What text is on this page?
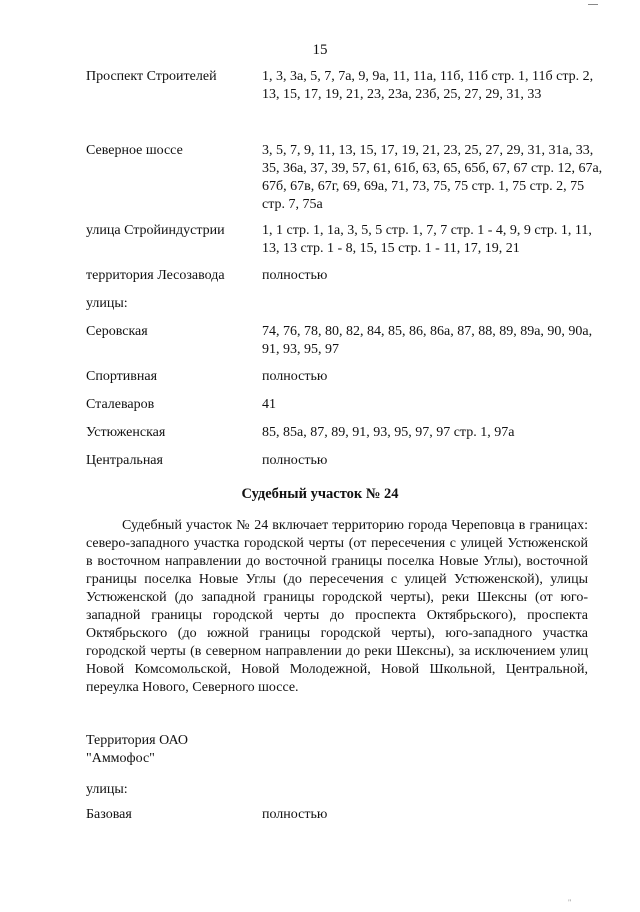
15
Проспект Строителей	1, 3, 3а, 5, 7, 7а, 9, 9а, 11, 11а, 11б, 11б стр. 1, 11б стр. 2, 13, 15, 17, 19, 21, 23, 23а, 23б, 25, 27, 29, 31, 33
Северное шоссе	3, 5, 7, 9, 11, 13, 15, 17, 19, 21, 23, 25, 27, 29, 31, 31а, 33, 35, 36а, 37, 39, 57, 61, 61б, 63, 65, 65б, 67, 67 стр. 12, 67а, 67б, 67в, 67г, 69, 69а, 71, 73, 75, 75 стр. 1, 75 стр. 2, 75 стр. 7, 75а
улица Стройиндустрии	1, 1 стр. 1, 1а, 3, 5, 5 стр. 1, 7, 7 стр. 1 - 4, 9, 9 стр. 1, 11, 13, 13 стр. 1 - 8, 15, 15 стр. 1 - 11, 17, 19, 21
территория Лесозавода	полностью
улицы:
Серовская	74, 76, 78, 80, 82, 84, 85, 86, 86а, 87, 88, 89, 89а, 90, 90а, 91, 93, 95, 97
Спортивная	полностью
Сталеваров	41
Устюженская	85, 85а, 87, 89, 91, 93, 95, 97, 97 стр. 1, 97а
Центральная	полностью
Судебный участок № 24

Судебный участок № 24 включает территорию города Череповца в границах: северо-западного участка городской черты (от пересечения с улицей Устюженской в восточном направлении до восточной границы поселка Новые Углы), восточной границы поселка Новые Углы (до пересечения с улицей Устюженской), улицы Устюженской (до западной границы городской черты), реки Шексны (от юго-западной границы городской черты до проспекта Октябрьского), проспекта Октябрьского (до южной границы городской черты), юго-западного участка городской черты (в северном направлении до реки Шексны), за исключением улиц Новой Комсомольской, Новой Молодежной, Новой Школьной, Центральной, переулка Нового, Северного шоссе.

Территория ОАО
"Аммофос"
улицы:
Базовая	полностью
"
